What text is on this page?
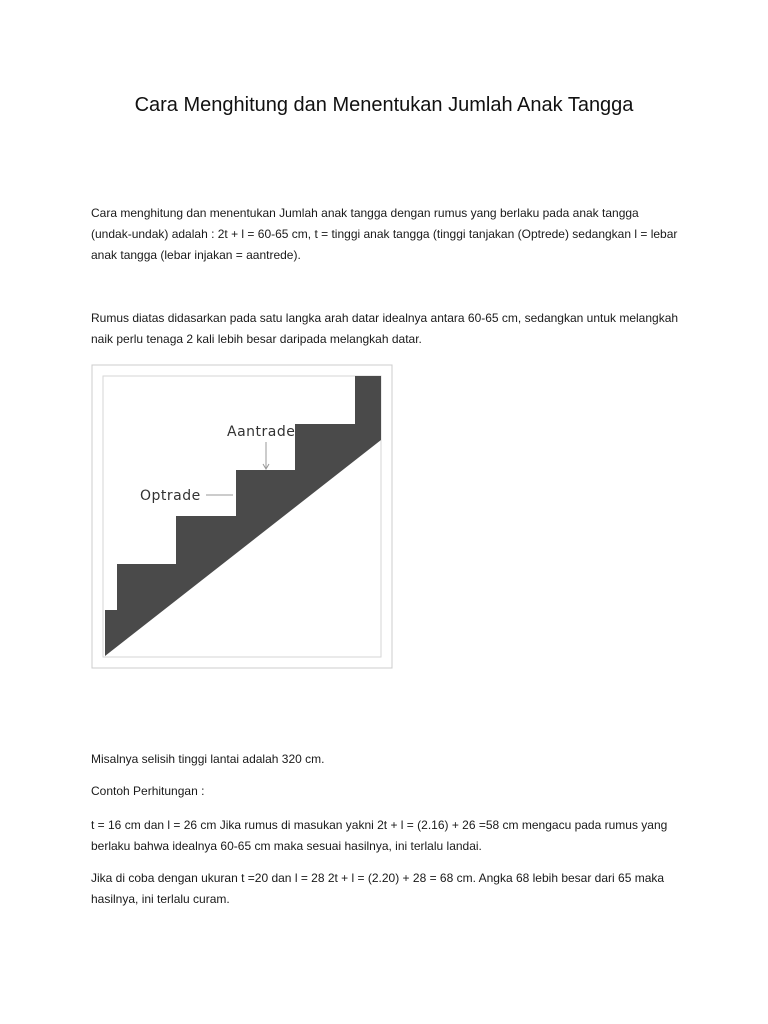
Cara Menghitung dan Menentukan Jumlah Anak Tangga

Cara menghitung dan menentukan Jumlah anak tangga dengan rumus yang berlaku pada anak tangga (undak-undak) adalah : 2t + l = 60-65 cm, t = tinggi anak tangga (tinggi tanjakan (Optrede) sedangkan l = lebar anak tangga (lebar injakan = aantrede).

Rumus diatas didasarkan pada satu langka arah datar idealnya antara 60-65 cm, sedangkan untuk melangkah naik perlu tenaga 2 kali lebih besar daripada melangkah datar.

Aantrade
Optrade

Misalnya selisih tinggi lantai adalah 320 cm.

Contoh Perhitungan :

t = 16 cm dan l = 26 cm Jika rumus di masukan yakni 2t + l = (2.16) + 26 =58 cm mengacu pada rumus yang berlaku bahwa idealnya 60-65 cm maka sesuai hasilnya, ini terlalu landai.

Jika di coba dengan ukuran t =20 dan l = 28 2t + l = (2.20) + 28 = 68 cm. Angka 68 lebih besar dari 65 maka hasilnya, ini terlalu curam.
